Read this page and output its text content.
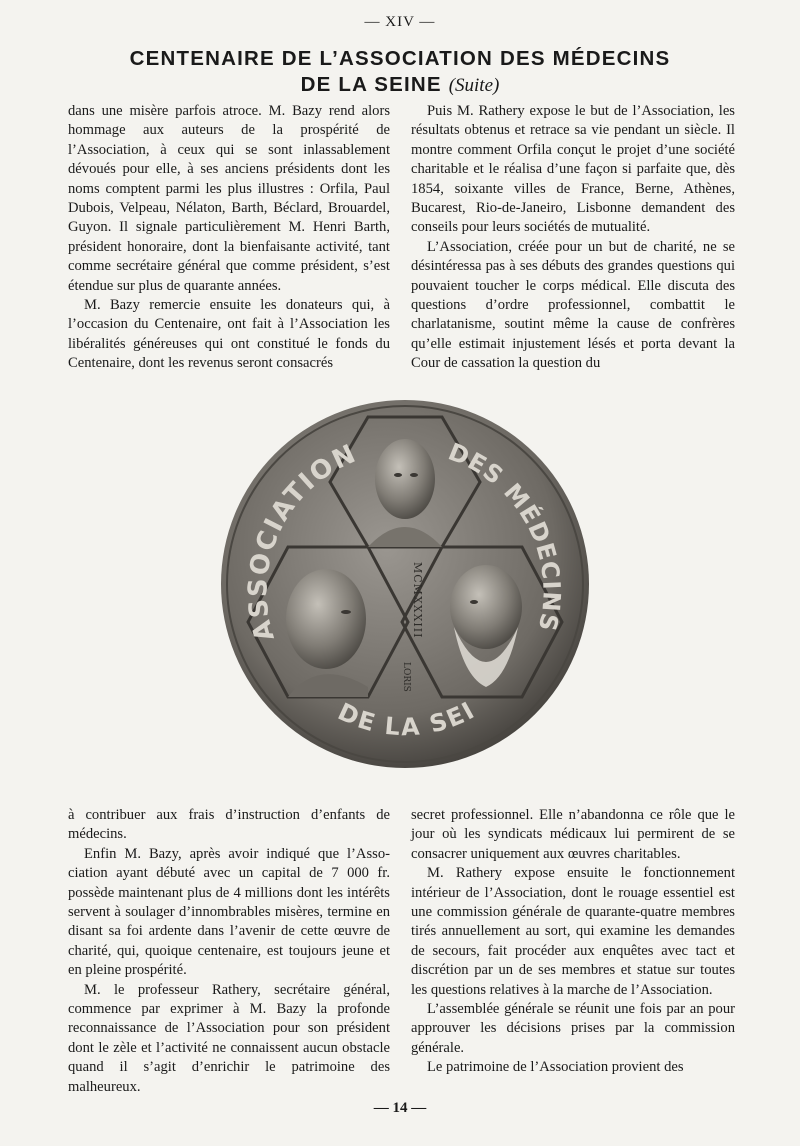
— XIV —
CENTENAIRE DE L’ASSOCIATION DES MÉDECINS
DE LA SEINE (Suite)

dans une misère parfois atroce. M. Bazy rend alors hommage aux auteurs de la prospérité de l’Association, à ceux qui se sont inlassablement dévoués pour elle, à ses anciens présidents dont les noms comptent parmi les plus illustres : Orfila, Paul Dubois, Velpeau, Nélaton, Barth, Béclard, Brouardel, Guyon. Il signale particulièrement M. Henri Barth, président honoraire, dont la bienfaisante activité, tant comme secrétaire général que comme président, s’est étendue sur plus de quarante années.

M. Bazy remercie ensuite les donateurs qui, à l’occasion du Centenaire, ont fait à l’Association les libéralités généreuses qui ont constitué le fonds du Centenaire, dont les revenus seront consacrés

Puis M. Rathery expose le but de l’Association, les résultats obtenus et retrace sa vie pendant un siècle. Il montre comment Orfila conçut le projet d’une société charitable et le réalisa d’une façon si parfaite que, dès 1854, soixante villes de France, Berne, Athènes, Bucarest, Rio-de-Janeiro, Lisbonne demandent des conseils pour leurs sociétés de mutualité.

L’Association, créée pour un but de charité, ne se désintéressa pas à ses débuts des grandes questions qui pouvaient toucher le corps médical. Elle discuta des questions d’ordre professionnel, combattit le charlatanisme, soutint même la cause de confrères qu’elle estimait injustement lésés et porta devant la Cour de cassation la question du

ASSOCIATION	DES MÉDECINS
DE LA SEI
MCMXXXIII
LORIS

à contribuer aux frais d’instruction d’enfants de médecins.

Enfin M. Bazy, après avoir indiqué que l’Association ayant débuté avec un capital de 7 000 fr. possède maintenant plus de 4 millions dont les intérêts servent à soulager d’innombrables misères, termine en disant sa foi ardente dans l’avenir de cette œuvre de charité, qui, quoique centenaire, est toujours jeune et en pleine prospérité.

M. le professeur Rathery, secrétaire général, commence par exprimer à M. Bazy la profonde reconnaissance de l’Association pour son président dont le zèle et l’activité ne connaissent aucun obstacle quand il s’agit d’enrichir le patrimoine des malheureux.

secret professionnel. Elle n’abandonna ce rôle que le jour où les syndicats médicaux lui permirent de se consacrer uniquement aux œuvres charitables.

M. Rathery expose ensuite le fonctionnement intérieur de l’Association, dont le rouage essentiel est une commission générale de quarante-quatre membres tirés annuellement au sort, qui examine les demandes de secours, fait procéder aux enquêtes avec tact et discrétion par un de ses membres et statue sur toutes les questions relatives à la marche de l’Association.

L’assemblée générale se réunit une fois par an pour approuver les décisions prises par la commission générale.

Le patrimoine de l’Association provient des

— 14 —
